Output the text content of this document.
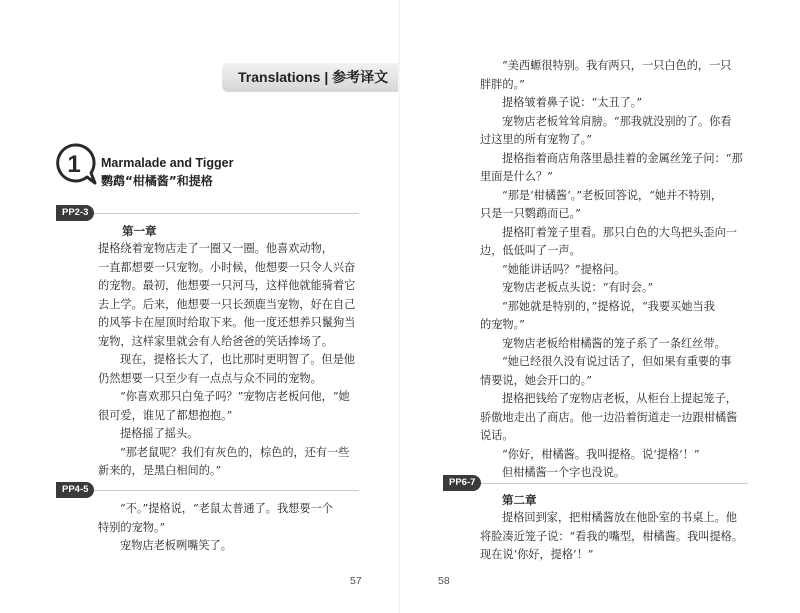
Translations | 参考译文
1 Marmalade and Tigger
鹦鹉“柑橘酱”和提格
PP2-3

第一章

提格绕着宠物店走了一圈又一圈。他喜欢动物，

一直都想要一只宠物。小时候，他想要一只令人兴奋

的宠物。最初，他想要一只河马，这样他就能骑着它

去上学。后来，他想要一只长颈鹿当宠物，好在自己

的风筝卡在屋顶时给取下来。他一度还想养只鬣狗当

宠物，这样家里就会有人给爸爸的笑话捧场了。

现在，提格长大了，也比那时更明智了。但是他

仍然想要一只至少有一点点与众不同的宠物。

“你喜欢那只白兔子吗？”宠物店老板问他，“她

很可爱，谁见了都想抱抱。”

提格摇了摇头。

“那老鼠呢？我们有灰色的，棕色的，还有一些

新来的，是黑白相间的。”

PP4-5

“不。”提格说，“老鼠太普通了。我想要一个

特别的宠物。”

宠物店老板咧嘴笑了。

57

“美西螈很特别。我有两只，一只白色的，一只

胖胖的。”

提格皱着鼻子说：“太丑了。”

宠物店老板耸耸肩膀。“那我就没别的了。你看

过这里的所有宠物了。”

提格指着商店角落里悬挂着的金属丝笼子问：“那

里面是什么？”

“那是‘柑橘酱’。”老板回答说，“她并不特别，

只是一只鹦鹉而已。”

提格盯着笼子里看。那只白色的大鸟把头歪向一

边，低低叫了一声。

“她能讲话吗？”提格问。

宠物店老板点头说：“有时会。”

“那她就是特别的，”提格说，“我要买她当我

的宠物。”

宠物店老板给柑橘酱的笼子系了一条红丝带。

“她已经很久没有说过话了，但如果有重要的事

情要说，她会开口的。”

提格把钱给了宠物店老板，从柜台上提起笼子，

骄傲地走出了商店。他一边沿着街道走一边跟柑橘酱

说话。

“你好，柑橘酱。我叫提格。说‘提格’！”

但柑橘酱一个字也没说。

PP6-7

第二章

提格回到家，把柑橘酱放在他卧室的书桌上。他

将脸凑近笼子说：“看我的嘴型，柑橘酱。我叫提格。

现在说‘你好，提格’！”

58
